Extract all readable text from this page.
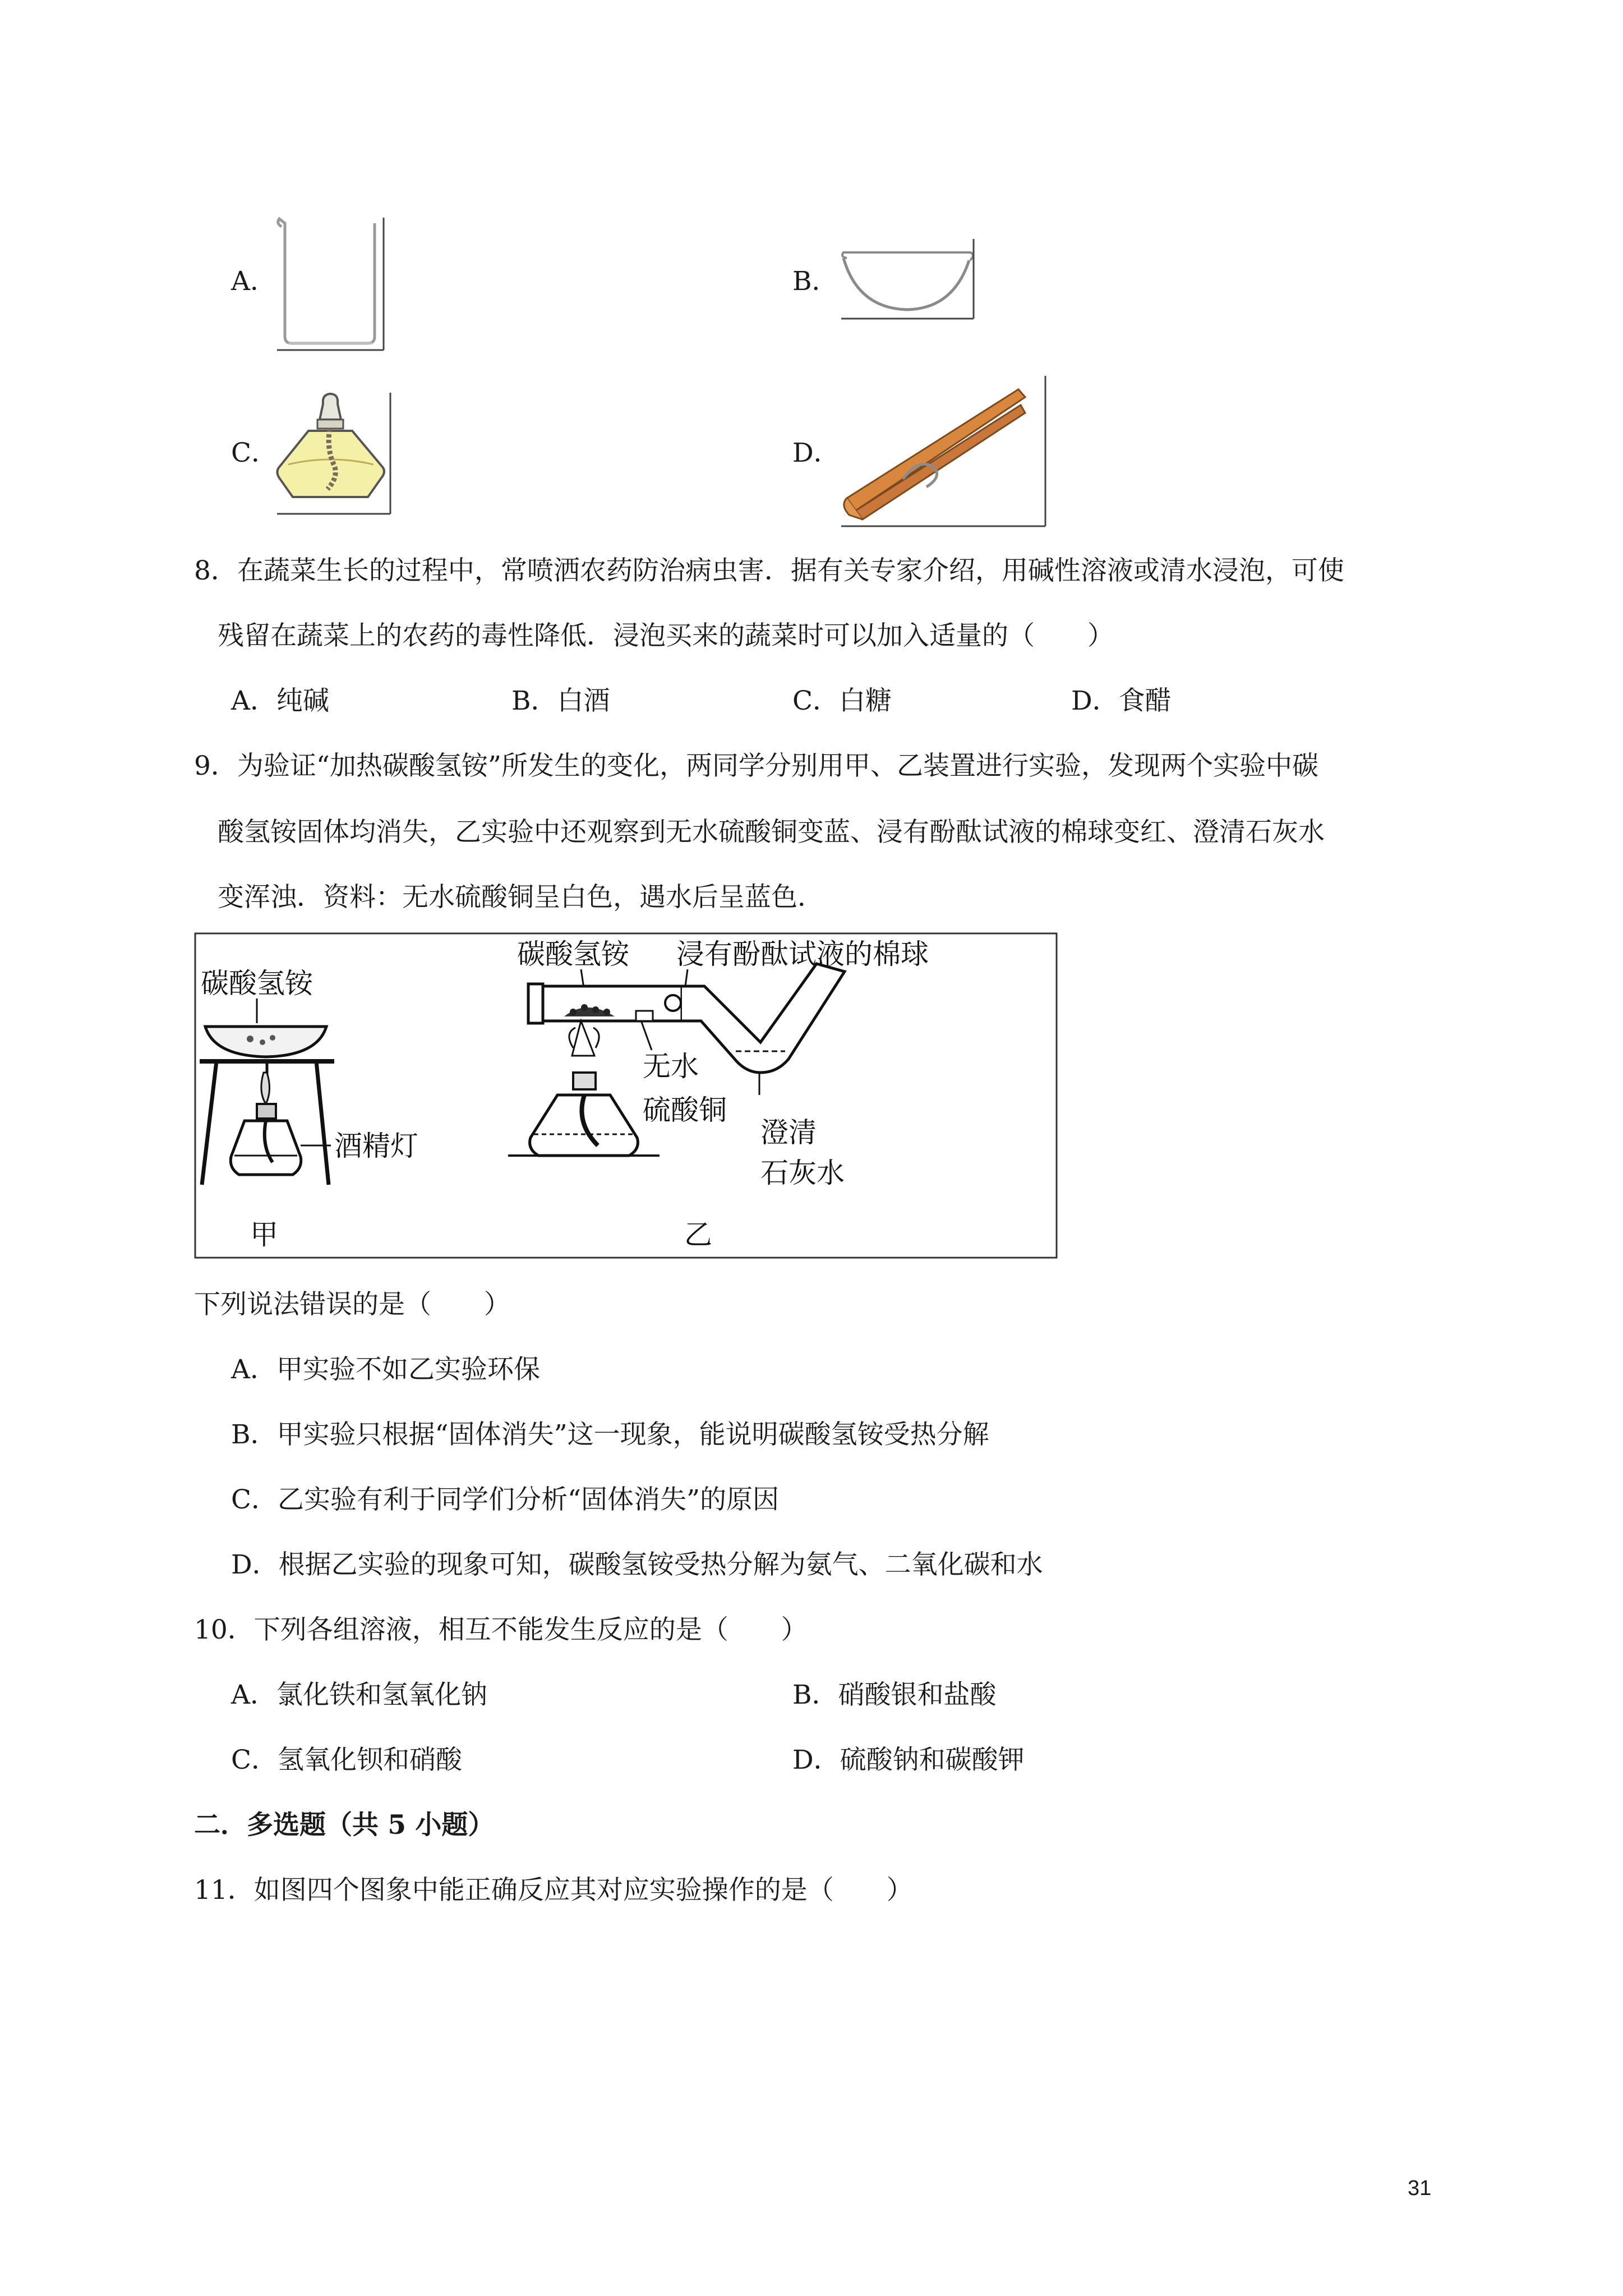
A．	B．
C．	D．
8．在蔬菜生长的过程中，常喷洒农药防治病虫害．据有关专家介绍，用碱性溶液或清水浸泡，可使
残留在蔬菜上的农药的毒性降低．浸泡买来的蔬菜时可以加入适量的（　　）
A．纯碱	B．白酒	C．白糖	D．食醋
9．为验证“加热碳酸氢铵”所发生的变化，两同学分别用甲、乙装置进行实验，发现两个实验中碳
酸氢铵固体均消失，乙实验中还观察到无水硫酸铜变蓝、浸有酚酞试液的棉球变红、澄清石灰水
变浑浊．资料：无水硫酸铜呈白色，遇水后呈蓝色．
碳酸氢铵
酒精灯
甲
碳酸氢铵 浸有酚酞试液的棉球
无水
硫酸铜
澄清
石灰水
乙
下列说法错误的是（　　）
A．甲实验不如乙实验环保
B．甲实验只根据“固体消失”这一现象，能说明碳酸氢铵受热分解
C．乙实验有利于同学们分析“固体消失”的原因
D．根据乙实验的现象可知，碳酸氢铵受热分解为氨气、二氧化碳和水
10．下列各组溶液，相互不能发生反应的是（　　）
A．氯化铁和氢氧化钠	B．硝酸银和盐酸
C．氢氧化钡和硝酸	D．硫酸钠和碳酸钾
二．多选题（共 5 小题）
11．如图四个图象中能正确反应其对应实验操作的是（　　）
31
